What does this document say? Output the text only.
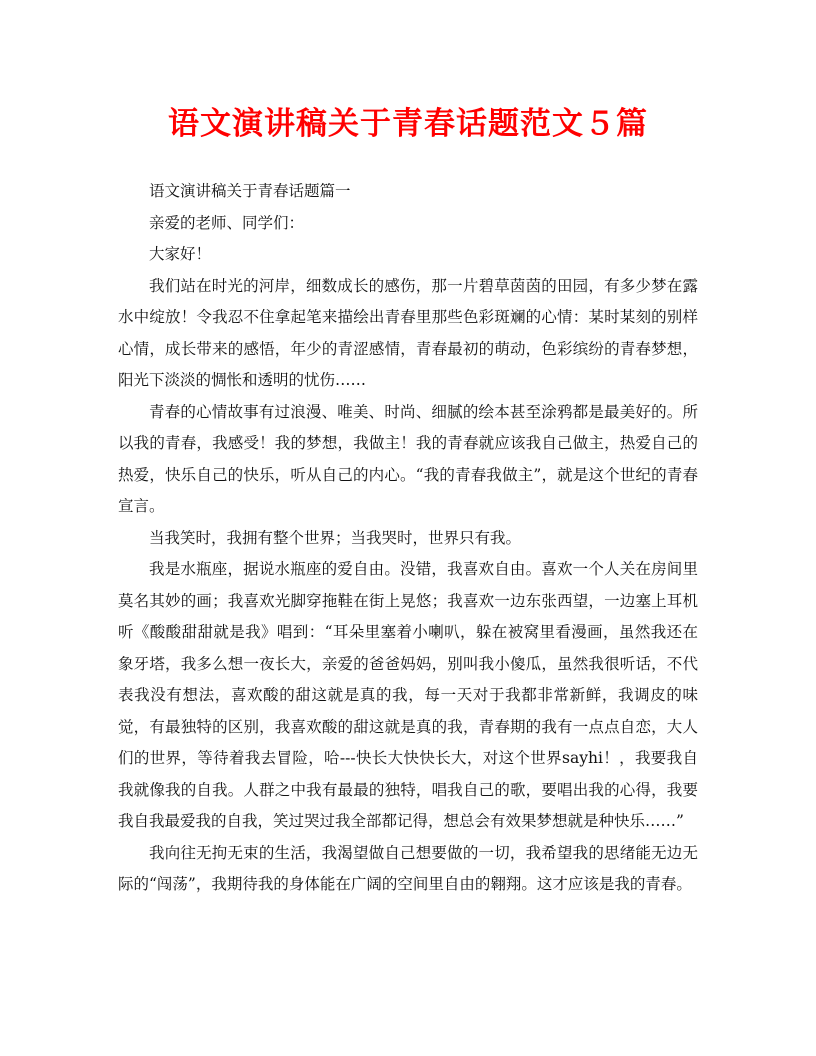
语文演讲稿关于青春话题范文５篇

语文演讲稿关于青春话题篇一

亲爱的老师、同学们：

大家好！

我们站在时光的河岸，细数成长的感伤，那一片碧草茵茵的田园，有多少梦在露水中绽放！令我忍不住拿起笔来描绘出青春里那些色彩斑斓的心情：某时某刻的别样心情，成长带来的感悟，年少的青涩感情，青春最初的萌动，色彩缤纷的青春梦想，阳光下淡淡的惆怅和透明的忧伤……

青春的心情故事有过浪漫、唯美、时尚、细腻的绘本甚至涂鸦都是最美好的。所以我的青春，我感受！我的梦想，我做主！我的青春就应该我自己做主，热爱自己的热爱，快乐自己的快乐，听从自己的内心。“我的青春我做主”，就是这个世纪的青春宣言。

当我笑时，我拥有整个世界；当我哭时，世界只有我。

我是水瓶座，据说水瓶座的爱自由。没错，我喜欢自由。喜欢一个人关在房间里莫名其妙的画；我喜欢光脚穿拖鞋在街上晃悠；我喜欢一边东张西望，一边塞上耳机听《酸酸甜甜就是我》唱到：“耳朵里塞着小喇叭，躲在被窝里看漫画，虽然我还在象牙塔，我多么想一夜长大，亲爱的爸爸妈妈，别叫我小傻瓜，虽然我很听话，不代表我没有想法，喜欢酸的甜这就是真的我，每一天对于我都非常新鲜，我调皮的味觉，有最独特的区别，我喜欢酸的甜这就是真的我，青春期的我有一点点自恋，大人们的世界，等待着我去冒险，哈---快长大快快长大，对这个世界sayhi！，我要我自我就像我的自我。人群之中我有最最的独特，唱我自己的歌，要唱出我的心得，我要我自我最爱我的自我，笑过哭过我全部都记得，想总会有效果梦想就是种快乐……”

我向往无拘无束的生活，我渴望做自己想要做的一切，我希望我的思绪能无边无际的“闯荡”，我期待我的身体能在广阔的空间里自由的翱翔。这才应该是我的青春。
